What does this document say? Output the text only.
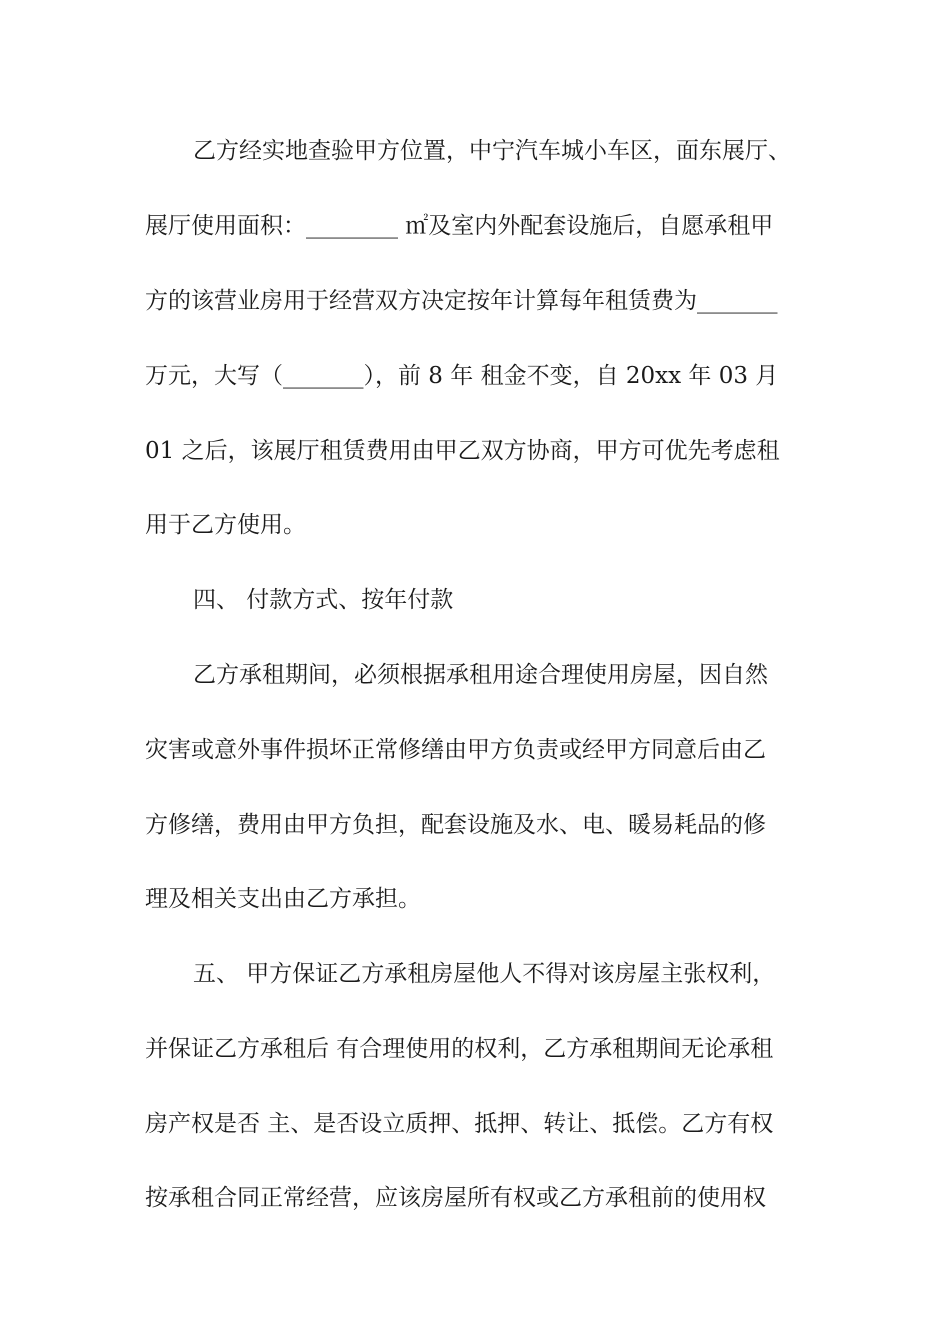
乙方经实地查验甲方位置，中宁汽车城小车区，面东展厅、
展厅使用面积：________ ㎡及室内外配套设施后，自愿承租甲
方的该营业房用于经营双方决定按年计算每年租赁费为_______
万元，大写（_______），前 8 年 租金不变，自 20xx 年 03 月
01 之后，该展厅租赁费用由甲乙双方协商，甲方可优先考虑租
用于乙方使用。
四、 付款方式、按年付款
乙方承租期间，必须根据承租用途合理使用房屋，因自然
灾害或意外事件损坏正常修缮由甲方负责或经甲方同意后由乙
方修缮，费用由甲方负担，配套设施及水、电、暖易耗品的修
理及相关支出由乙方承担。
五、 甲方保证乙方承租房屋他人不得对该房屋主张权利，
并保证乙方承租后 有合理使用的权利，乙方承租期间无论承租
房产权是否 主、是否设立质押、抵押、转让、抵偿。乙方有权
按承租合同正常经营，应该房屋所有权或乙方承租前的使用权
